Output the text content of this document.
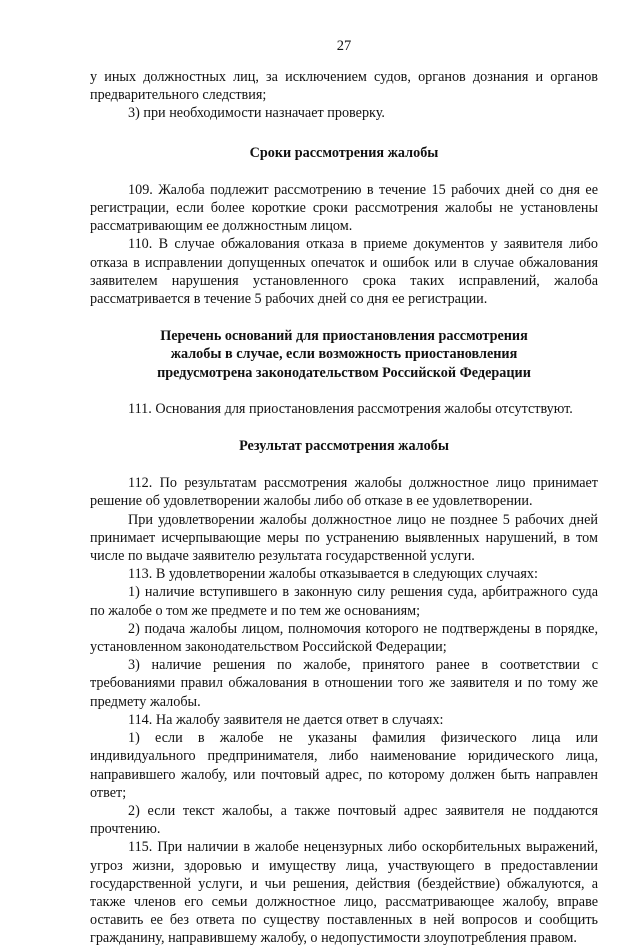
27

у иных должностных лиц, за исключением судов, органов дознания и органов предварительного следствия;

3) при необходимости назначает проверку.

Сроки рассмотрения жалобы

109. Жалоба подлежит рассмотрению в течение 15 рабочих дней со дня ее регистрации, если более короткие сроки рассмотрения жалобы не установлены рассматривающим ее должностным лицом.

110. В случае обжалования отказа в приеме документов у заявителя либо отказа в исправлении допущенных опечаток и ошибок или в случае обжалования заявителем нарушения установленного срока таких исправлений, жалоба рассматривается в течение 5 рабочих дней со дня ее регистрации.

Перечень оснований для приостановления рассмотрения жалобы в случае, если возможность приостановления предусмотрена законодательством Российской Федерации

111. Основания для приостановления рассмотрения жалобы отсутствуют.

Результат рассмотрения жалобы

112. По результатам рассмотрения жалобы должностное лицо принимает решение об удовлетворении жалобы либо об отказе в ее удовлетворении.

При удовлетворении жалобы должностное лицо не позднее 5 рабочих дней принимает исчерпывающие меры по устранению выявленных нарушений, в том числе по выдаче заявителю результата государственной услуги.

113. В удовлетворении жалобы отказывается в следующих случаях:

1) наличие вступившего в законную силу решения суда, арбитражного суда по жалобе о том же предмете и по тем же основаниям;

2) подача жалобы лицом, полномочия которого не подтверждены в порядке, установленном законодательством Российской Федерации;

3) наличие решения по жалобе, принятого ранее в соответствии с требованиями правил обжалования в отношении того же заявителя и по тому же предмету жалобы.

114. На жалобу заявителя не дается ответ в случаях:

1) если в жалобе не указаны фамилия физического лица или индивидуального предпринимателя, либо наименование юридического лица, направившего жалобу, или почтовый адрес, по которому должен быть направлен ответ;

2) если текст жалобы, а также почтовый адрес заявителя не поддаются прочтению.

115. При наличии в жалобе нецензурных либо оскорбительных выражений, угроз жизни, здоровью и имуществу лица, участвующего в предоставлении государственной услуги, и чьи решения, действия (бездействие) обжалуются, а также членов его семьи должностное лицо, рассматривающее жалобу, вправе оставить ее без ответа по существу поставленных в ней вопросов и сообщить гражданину, направившему жалобу, о недопустимости злоупотребления правом.
